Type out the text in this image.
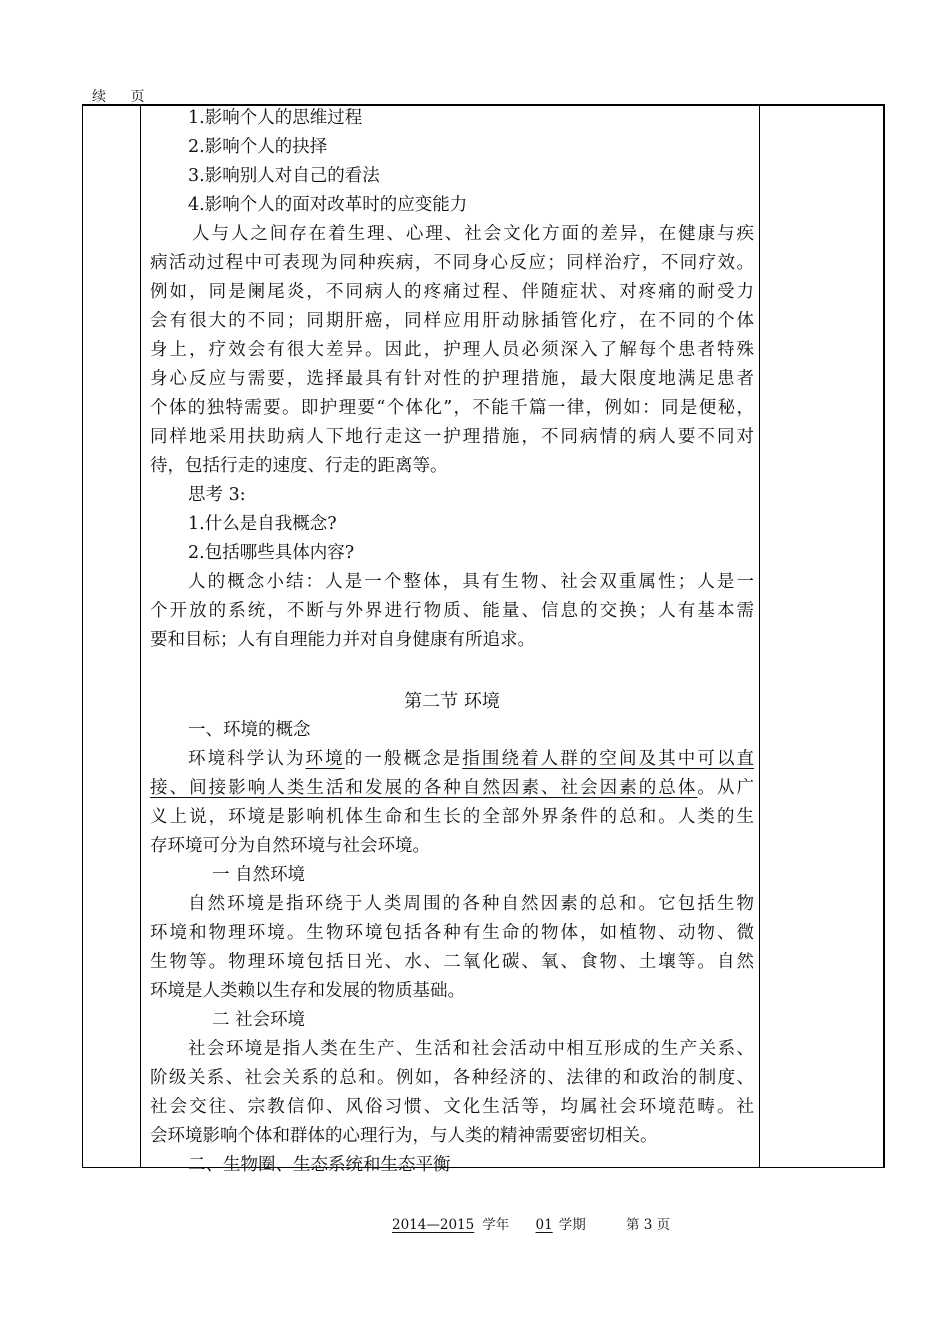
续 页
1.影响个人的思维过程
2.影响个人的抉择
3.影响别人对自己的看法
4.影响个人的面对改革时的应变能力
人与人之间存在着生理、心理、社会文化方面的差异，在健康与疾
病活动过程中可表现为同种疾病，不同身心反应；同样治疗，不同疗效。
例如，同是阑尾炎，不同病人的疼痛过程、伴随症状、对疼痛的耐受力
会有很大的不同；同期肝癌，同样应用肝动脉插管化疗，在不同的个体
身上，疗效会有很大差异。因此，护理人员必须深入了解每个患者特殊
身心反应与需要，选择最具有针对性的护理措施，最大限度地满足患者
个体的独特需要。即护理要“个体化”，不能千篇一律，例如：同是便秘，
同样地采用扶助病人下地行走这一护理措施，不同病情的病人要不同对
待，包括行走的速度、行走的距离等。
思考 3:
1.什么是自我概念?
2.包括哪些具体内容?
人的概念小结：人是一个整体，具有生物、社会双重属性；人是一
个开放的系统，不断与外界进行物质、能量、信息的交换；人有基本需
要和目标；人有自理能力并对自身健康有所追求。
第二节 环境
一、环境的概念
环境科学认为环境的一般概念是指围绕着人群的空间及其中可以直
接、间接影响人类生活和发展的各种自然因素、社会因素的总体。从广
义上说，环境是影响机体生命和生长的全部外界条件的总和。人类的生
存环境可分为自然环境与社会环境。
一 自然环境
自然环境是指环绕于人类周围的各种自然因素的总和。它包括生物
环境和物理环境。生物环境包括各种有生命的物体，如植物、动物、微
生物等。物理环境包括日光、水、二氧化碳、氧、食物、土壤等。自然
环境是人类赖以生存和发展的物质基础。
二 社会环境
社会环境是指人类在生产、生活和社会活动中相互形成的生产关系、
阶级关系、社会关系的总和。例如，各种经济的、法律的和政治的制度、
社会交往、宗教信仰、风俗习惯、文化生活等，均属社会环境范畴。社
会环境影响个体和群体的心理行为，与人类的精神需要密切相关。
二、生物圈、生态系统和生态平衡
2014—2015 学年 01 学期	第 3 页
